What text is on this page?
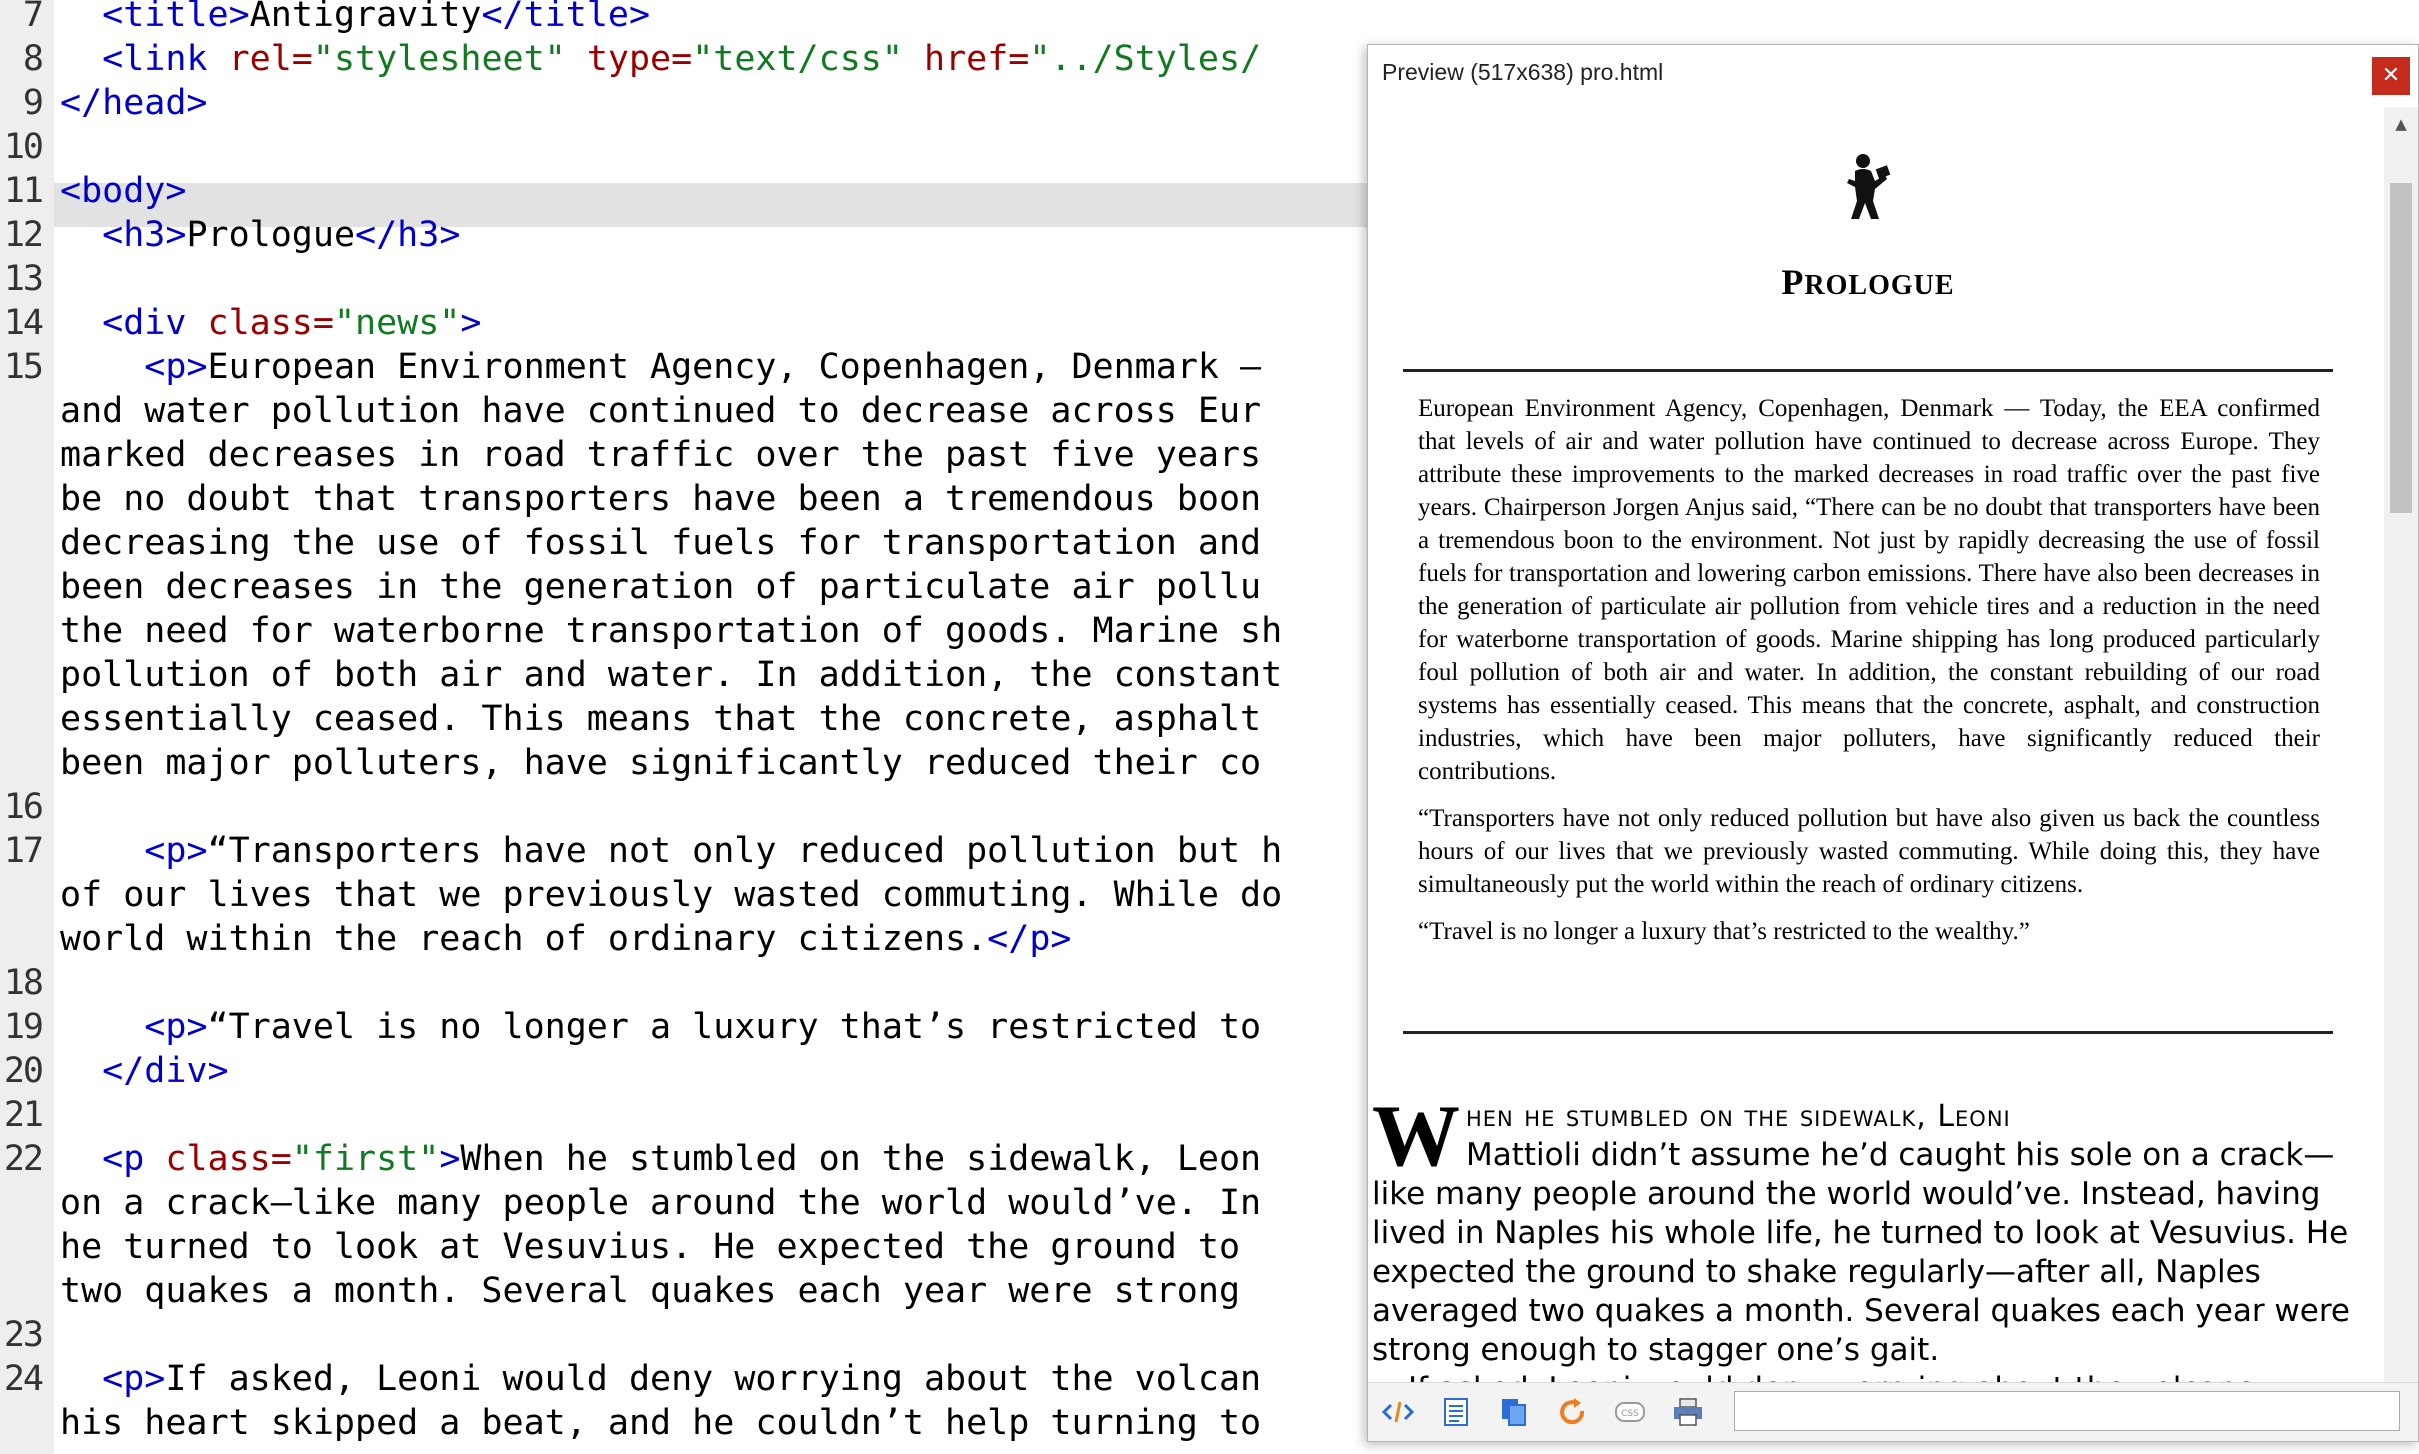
7	<title>Antigravity</title>
8	<link rel="stylesheet" type="text/css" href="../Styles/
9 </head>
10
11 <body>
12	<h3>Prologue</h3>
13
14	<div class="news">
15	<p>European Environment Agency, Copenhagen, Denmark —
and water pollution have continued to decrease across Eur
marked decreases in road traffic over the past five years
be no doubt that transporters have been a tremendous boon
decreasing the use of fossil fuels for transportation and
been decreases in the generation of particulate air pollu
the need for waterborne transportation of goods. Marine sh
pollution of both air and water. In addition, the constant
essentially ceased. This means that the concrete, asphalt
been major polluters, have significantly reduced their co
16
17	<p>“Transporters have not only reduced pollution but h
of our lives that we previously wasted commuting. While do
world within the reach of ordinary citizens.</p>
18
19	<p>“Travel is no longer a luxury that’s restricted to
20	</div>
21
22	<p class="first">When he stumbled on the sidewalk, Leon
on a crack—like many people around the world would’ve. In
he turned to look at Vesuvius. He expected the ground to
two quakes a month. Several quakes each year were strong
23
24	<p>If asked, Leoni would deny worrying about the volcan
his heart skipped a beat, and he couldn’t help turning to
Preview (517x638) pro.html	✕
PROLOGUE

European Environment Agency, Copenhagen, Denmark — Today, the EEA confirmed that levels of air and water pollution have continued to decrease across Europe. They attribute these improvements to the marked decreases in road traffic over the past five years. Chairperson Jorgen Anjus said, “There can be no doubt that transporters have been a tremendous boon to the environment. Not just by rapidly decreasing the use of fossil fuels for transportation and lowering carbon emissions. There have also been decreases in the generation of particulate air pollution from vehicle tires and a reduction in the need for waterborne transportation of goods. Marine shipping has long produced particularly foul pollution of both air and water. In addition, the constant rebuilding of our road systems has essentially ceased. This means that the concrete, asphalt, and construction industries, which have been major polluters, have significantly reduced their contributions.

“Transporters have not only reduced pollution but have also given us back the countless hours of our lives that we previously wasted commuting. While doing this, they have simultaneously put the world within the reach of ordinary citizens.

“Travel is no longer a luxury that’s restricted to the wealthy.”

When he stumbled on the sidewalk, Leoni
Mattioli didn’t assume he’d caught his sole on a crack—like many people around the world would’ve. Instead, having lived in Naples his whole life, he turned to look at Vesuvius. He expected the ground to shake regularly—after all, Naples averaged two quakes a month. Several quakes each year were strong enough to stagger one’s gait.

▲
CSS
